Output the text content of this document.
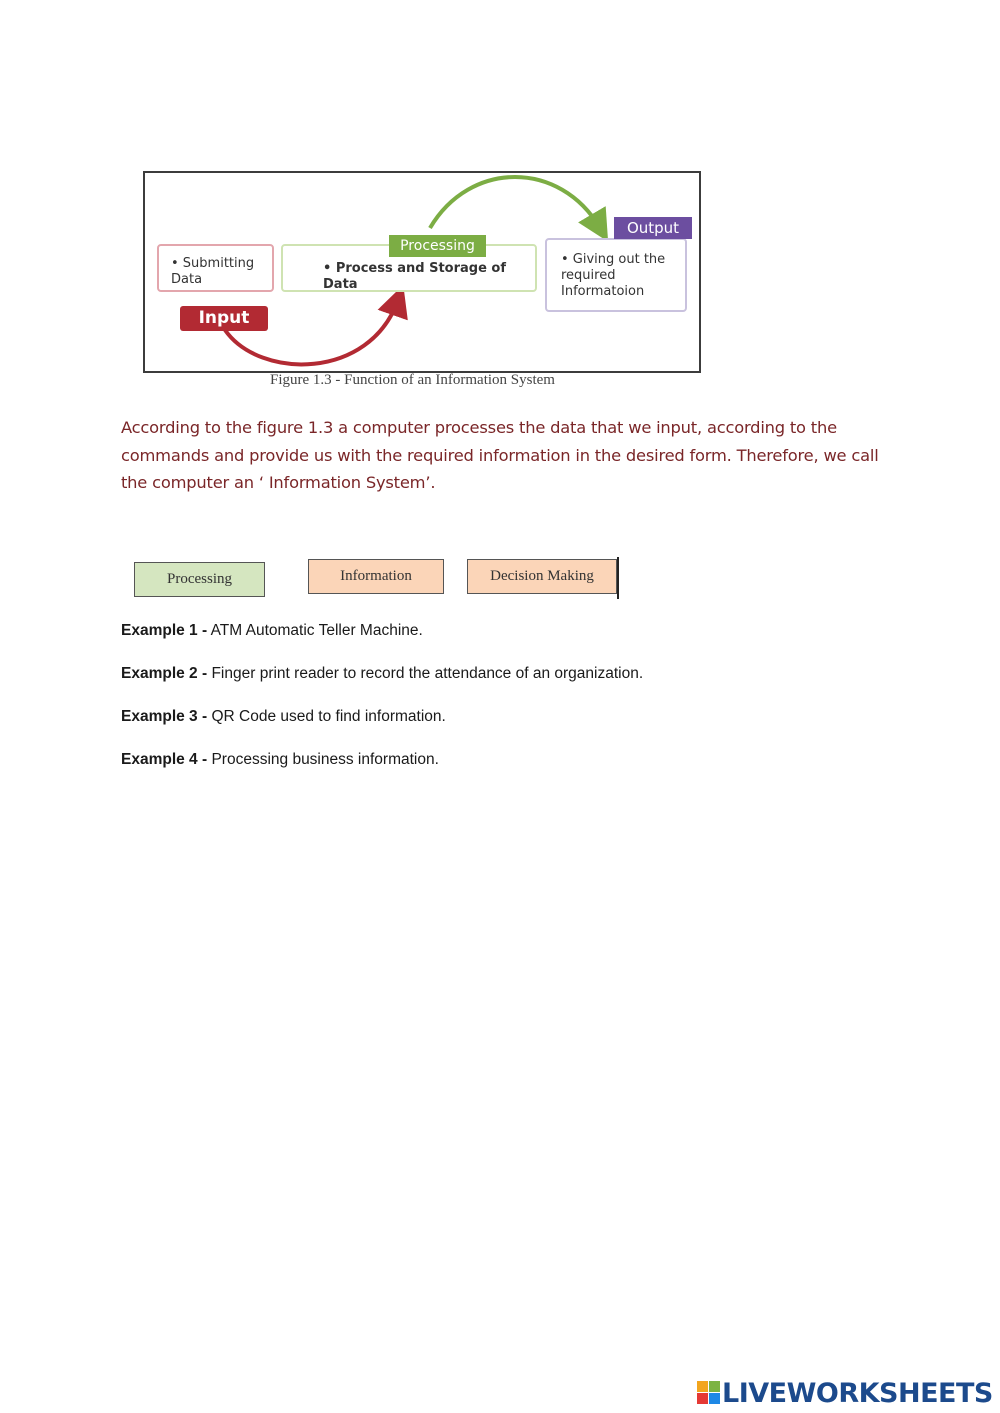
• Submitting Data
• Process and Storage of Data
• Giving out the required Informatoion
Processing
Output
Input
Figure 1.3 - Function of an Information System
According to the figure 1.3 a computer processes the data that we input, according to the commands and provide us with the required information in the desired form. Therefore, we call the computer an ‘ Information System’.
Processing	Information	Decision Making
Example 1 - ATM Automatic Teller Machine.
Example 2 - Finger print reader to record the attendance of an organization.
Example 3 - QR Code used to find information.
Example 4 - Processing business information.
LIVEWORKSHEETS
